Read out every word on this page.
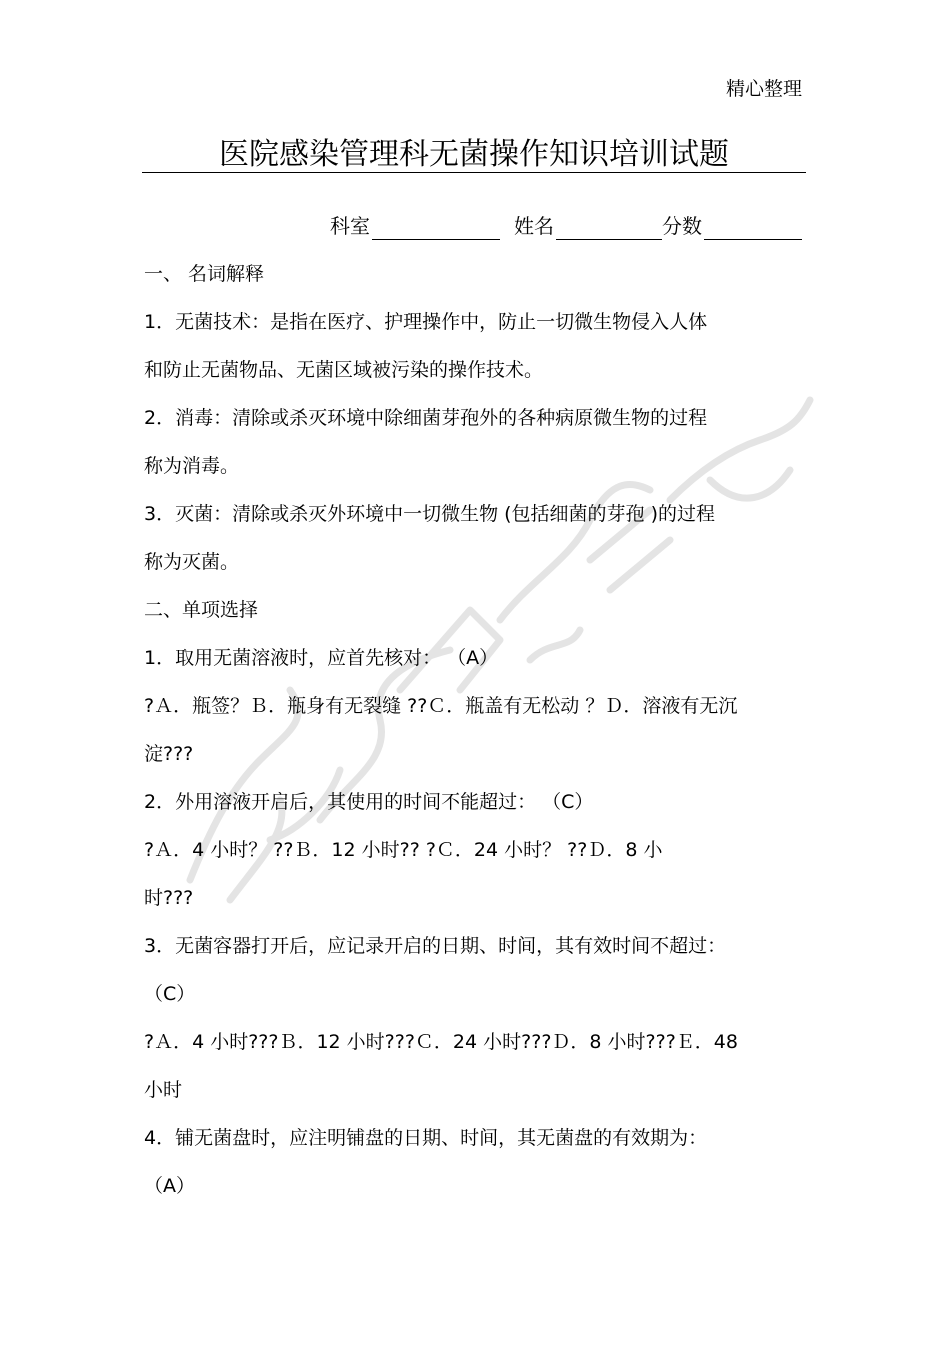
精心整理
医院感染管理科无菌操作知识培训试题
科室	姓名	分数
一、 名词解释
1．无菌技术：是指在医疗、护理操作中，防止一切微生物侵入人体
和防止无菌物品、无菌区域被污染的操作技术。
2．消毒：清除或杀灭环境中除细菌芽孢外的各种病原微生物的过程
称为消毒。
3．灭菌：清除或杀灭外环境中一切微生物 (包括细菌的芽孢 )的过程
称为灭菌。
二、单项选择
1．取用无菌溶液时，应首先核对： （A）
?Ａ．瓶签？Ｂ．瓶身有无裂缝 ??Ｃ．瓶盖有无松动 ？Ｄ．溶液有无沉
淀???
2．外用溶液开启后，其使用的时间不能超过： （C）
?Ａ．4 小时？ ??Ｂ．12 小时?? ?Ｃ．24 小时？ ??Ｄ．8 小
时???
3．无菌容器打开后，应记录开启的日期、时间，其有效时间不超过：
（C）
?Ａ．4 小时???Ｂ．12 小时???Ｃ．24 小时???Ｄ．8 小时???Ｅ．48
小时
4．铺无菌盘时，应注明铺盘的日期、时间，其无菌盘的有效期为：
（A）
